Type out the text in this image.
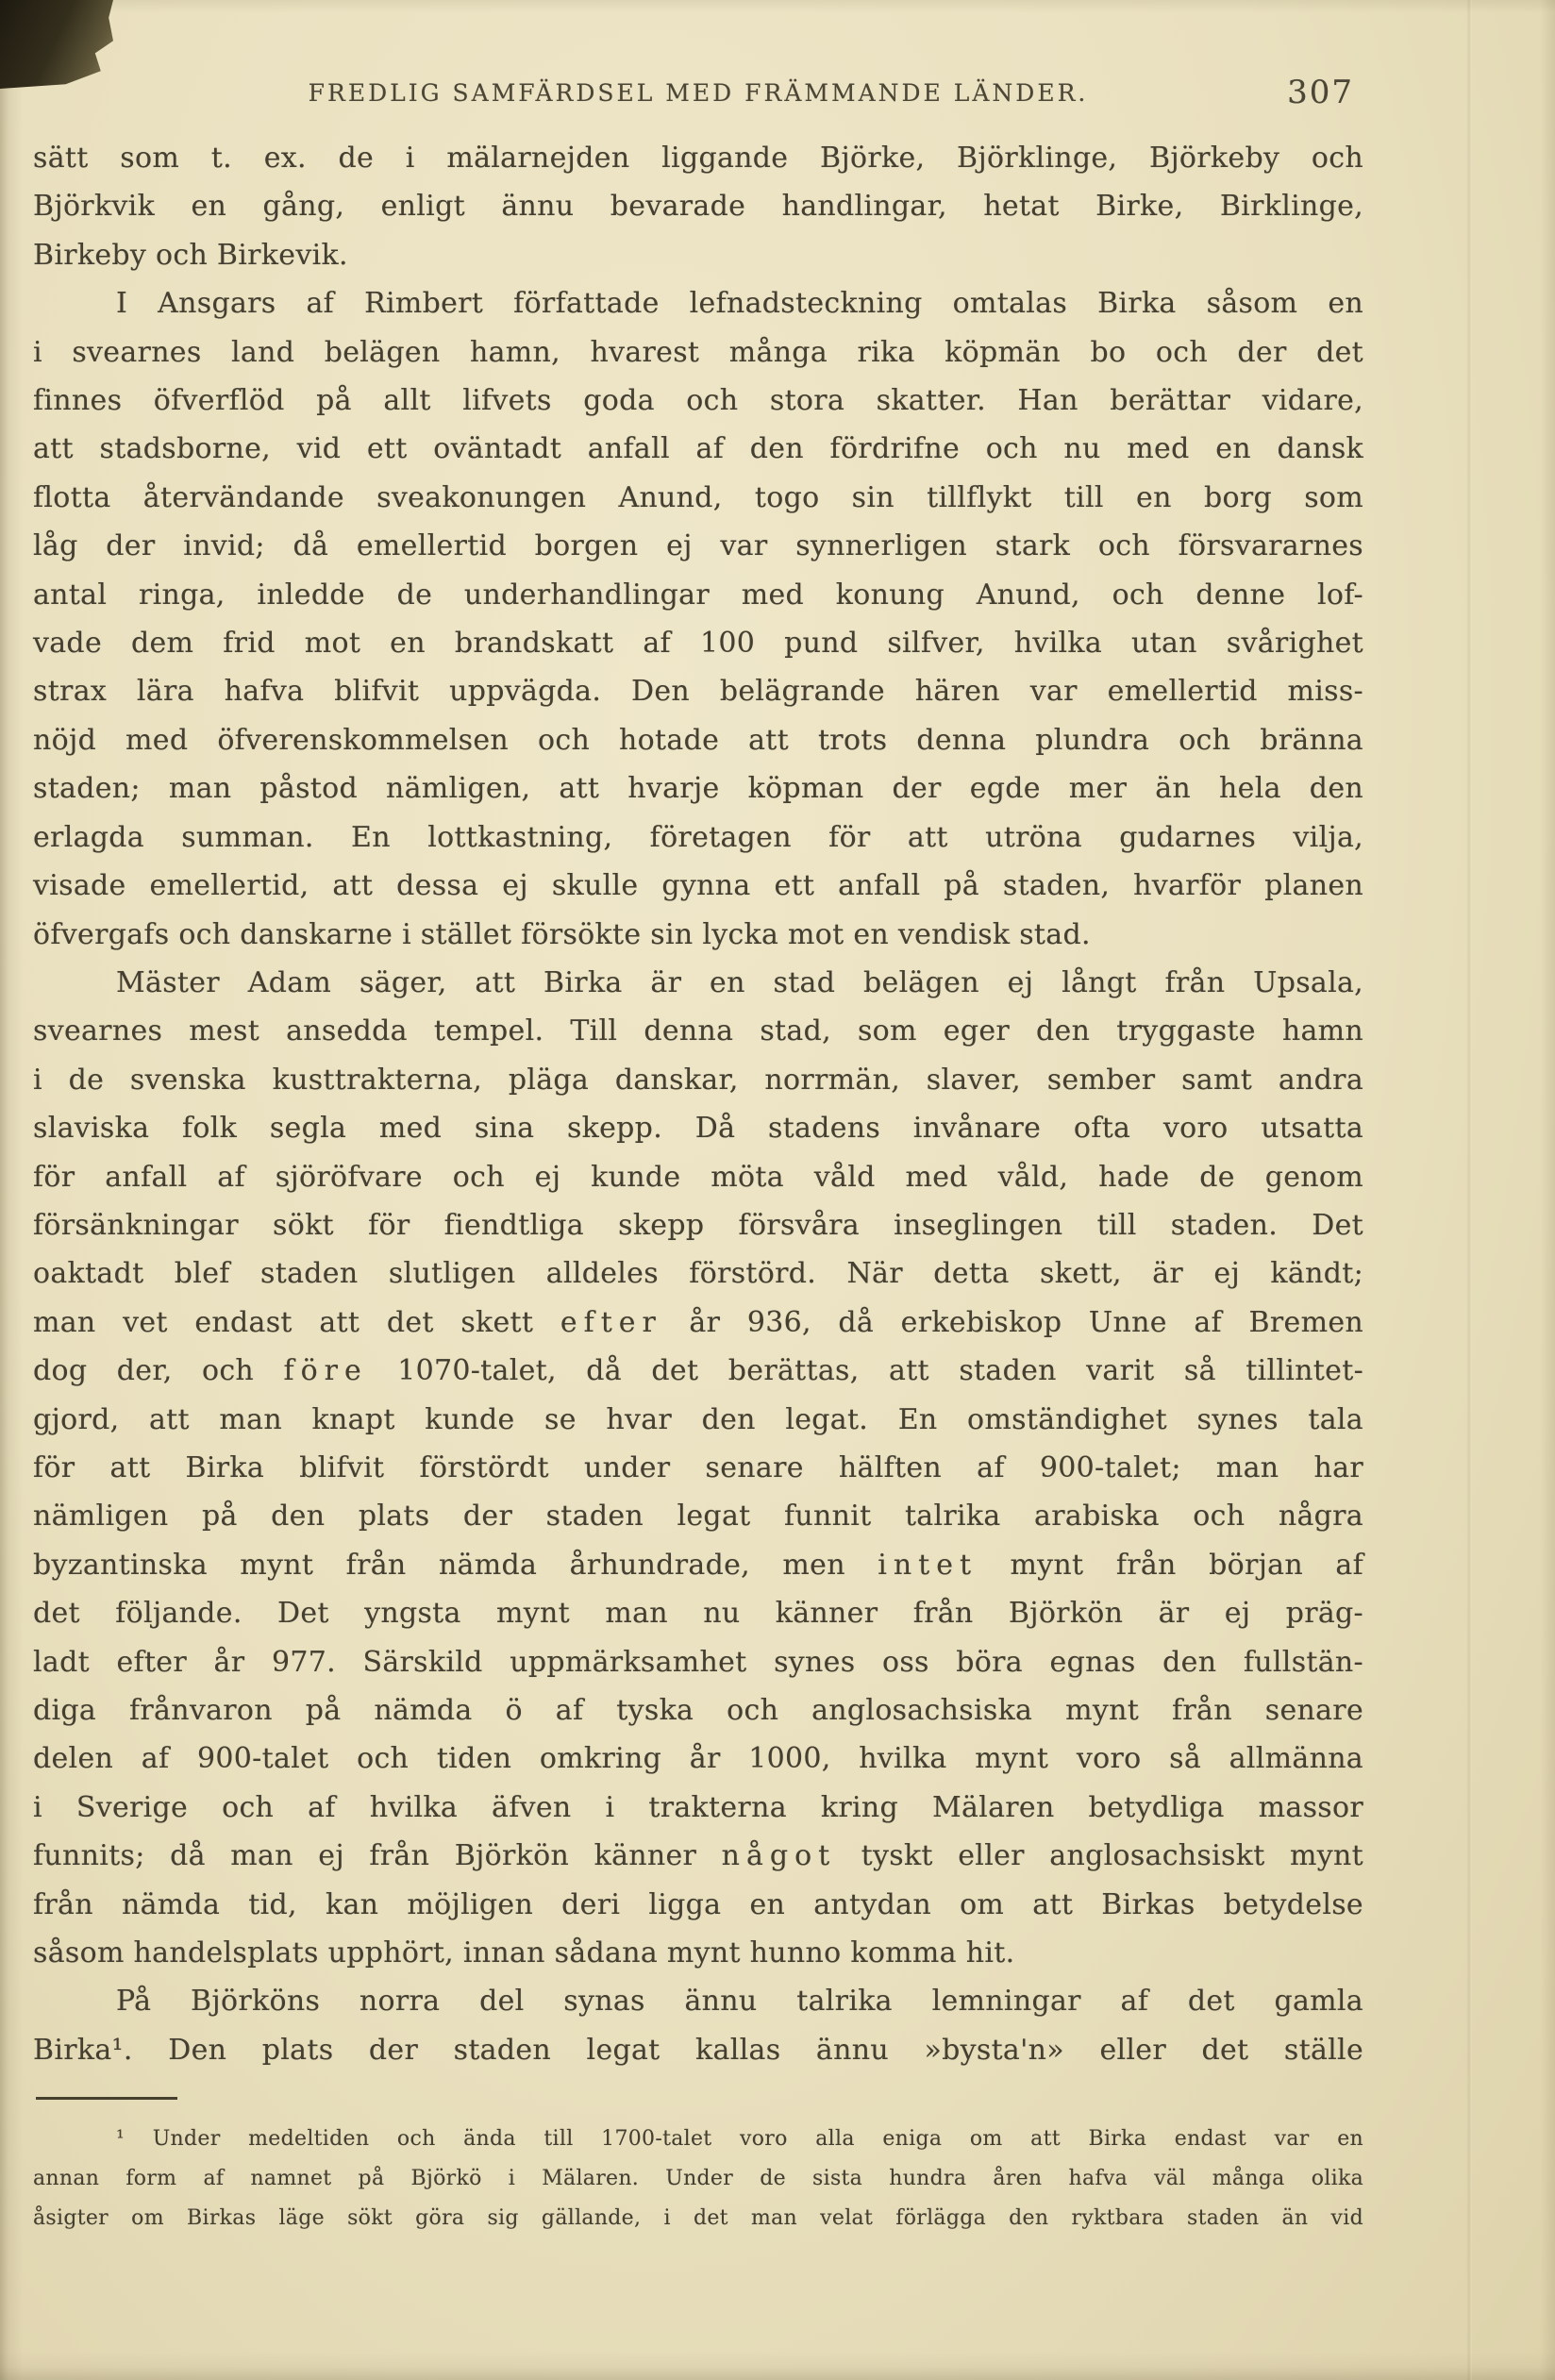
FREDLIG SAMFÄRDSEL MED FRÄMMANDE LÄNDER.	307
sätt som t. ex. de i mälarnejden liggande Björke, Björklinge, Björkeby och
Björkvik en gång, enligt ännu bevarade handlingar, hetat Birke, Birklinge,
Birkeby och Birkevik.
I Ansgars af Rimbert författade lefnadsteckning omtalas Birka såsom en
i svearnes land belägen hamn, hvarest många rika köpmän bo och der det
finnes öfverflöd på allt lifvets goda och stora skatter. Han berättar vidare,
att stadsborne, vid ett oväntadt anfall af den fördrifne och nu med en dansk
flotta återvändande sveakonungen Anund, togo sin tillflykt till en borg som
låg der invid; då emellertid borgen ej var synnerligen stark och försvararnes
antal ringa, inledde de underhandlingar med konung Anund, och denne lof-
vade dem frid mot en brandskatt af 100 pund silfver, hvilka utan svårighet
strax lära hafva blifvit uppvägda. Den belägrande hären var emellertid miss-
nöjd med öfverenskommelsen och hotade att trots denna plundra och bränna
staden; man påstod nämligen, att hvarje köpman der egde mer än hela den
erlagda summan. En lottkastning, företagen för att utröna gudarnes vilja,
visade emellertid, att dessa ej skulle gynna ett anfall på staden, hvarför planen
öfvergafs och danskarne i stället försökte sin lycka mot en vendisk stad.
Mäster Adam säger, att Birka är en stad belägen ej långt från Upsala,
svearnes mest ansedda tempel. Till denna stad, som eger den tryggaste hamn
i de svenska kusttrakterna, pläga danskar, norrmän, slaver, sember samt andra
slaviska folk segla med sina skepp. Då stadens invånare ofta voro utsatta
för anfall af sjöröfvare och ej kunde möta våld med våld, hade de genom
försänkningar sökt för fiendtliga skepp försvåra inseglingen till staden. Det
oaktadt blef staden slutligen alldeles förstörd. När detta skett, är ej kändt;
man vet endast att det skett efter år 936, då erkebiskop Unne af Bremen
dog der, och före 1070-talet, då det berättas, att staden varit så tillintet-
gjord, att man knapt kunde se hvar den legat. En omständighet synes tala
för att Birka blifvit förstördt under senare hälften af 900-talet; man har
nämligen på den plats der staden legat funnit talrika arabiska och några
byzantinska mynt från nämda århundrade, men intet mynt från början af
det följande. Det yngsta mynt man nu känner från Björkön är ej präg-
ladt efter år 977. Särskild uppmärksamhet synes oss böra egnas den fullstän-
diga frånvaron på nämda ö af tyska och anglosachsiska mynt från senare
delen af 900-talet och tiden omkring år 1000, hvilka mynt voro så allmänna
i Sverige och af hvilka äfven i trakterna kring Mälaren betydliga massor
funnits; då man ej från Björkön känner något tyskt eller anglosachsiskt mynt
från nämda tid, kan möjligen deri ligga en antydan om att Birkas betydelse
såsom handelsplats upphört, innan sådana mynt hunno komma hit.
På Björköns norra del synas ännu talrika lemningar af det gamla
Birka¹. Den plats der staden legat kallas ännu »bysta'n» eller det ställe
¹ Under medeltiden och ända till 1700-talet voro alla eniga om att Birka endast var en
annan form af namnet på Björkö i Mälaren. Under de sista hundra åren hafva väl många olika
åsigter om Birkas läge sökt göra sig gällande, i det man velat förlägga den ryktbara staden än vid
